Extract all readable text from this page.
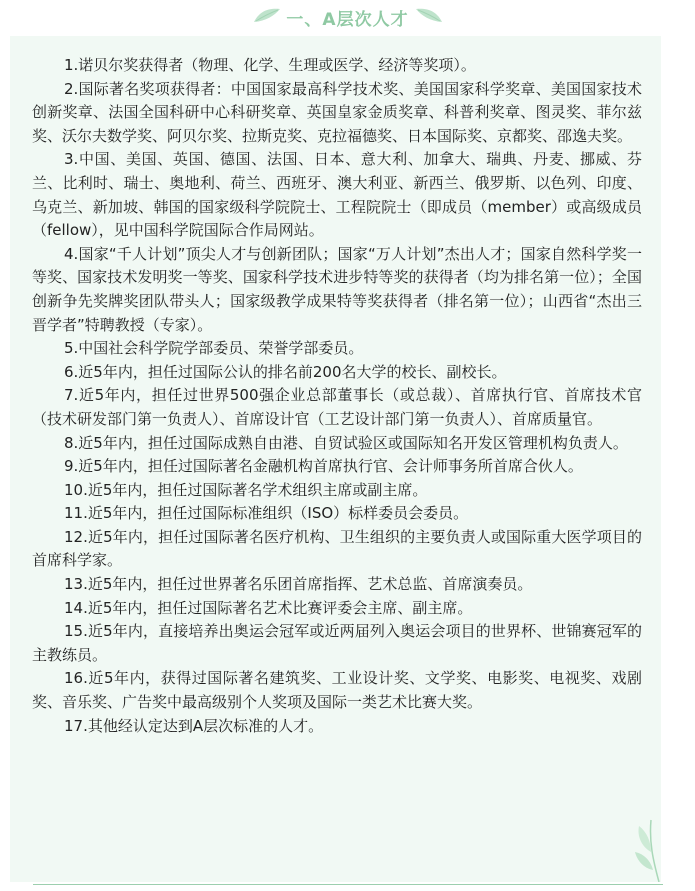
一、A层次人才

1.诺贝尔奖获得者（物理、化学、生理或医学、经济等奖项）。

2.国际著名奖项获得者：中国国家最高科学技术奖、美国国家科学奖章、美国国家技术创新奖章、法国全国科研中心科研奖章、英国皇家金质奖章、科普利奖章、图灵奖、菲尔兹奖、沃尔夫数学奖、阿贝尔奖、拉斯克奖、克拉福德奖、日本国际奖、京都奖、邵逸夫奖。

3.中国、美国、英国、德国、法国、日本、意大利、加拿大、瑞典、丹麦、挪威、芬兰、比利时、瑞士、奥地利、荷兰、西班牙、澳大利亚、新西兰、俄罗斯、以色列、印度、乌克兰、新加坡、韩国的国家级科学院院士、工程院院士（即成员（member）或高级成员（fellow），见中国科学院国际合作局网站。

4.国家“千人计划”顶尖人才与创新团队；国家“万人计划”杰出人才；国家自然科学奖一等奖、国家技术发明奖一等奖、国家科学技术进步特等奖的获得者（均为排名第一位）；全国创新争先奖牌奖团队带头人；国家级教学成果特等奖获得者（排名第一位）；山西省“杰出三晋学者”特聘教授（专家）。

5.中国社会科学院学部委员、荣誉学部委员。

6.近5年内，担任过国际公认的排名前200名大学的校长、副校长。

7.近5年内，担任过世界500强企业总部董事长（或总裁）、首席执行官、首席技术官（技术研发部门第一负责人）、首席设计官（工艺设计部门第一负责人）、首席质量官。

8.近5年内，担任过国际成熟自由港、自贸试验区或国际知名开发区管理机构负责人。

9.近5年内，担任过国际著名金融机构首席执行官、会计师事务所首席合伙人。

10.近5年内，担任过国际著名学术组织主席或副主席。

11.近5年内，担任过国际标准组织（ISO）标样委员会委员。

12.近5年内，担任过国际著名医疗机构、卫生组织的主要负责人或国际重大医学项目的首席科学家。

13.近5年内，担任过世界著名乐团首席指挥、艺术总监、首席演奏员。

14.近5年内，担任过国际著名艺术比赛评委会主席、副主席。

15.近5年内，直接培养出奥运会冠军或近两届列入奥运会项目的世界杯、世锦赛冠军的主教练员。

16.近5年内，获得过国际著名建筑奖、工业设计奖、文学奖、电影奖、电视奖、戏剧奖、音乐奖、广告奖中最高级别个人奖项及国际一类艺术比赛大奖。

17.其他经认定达到A层次标准的人才。
